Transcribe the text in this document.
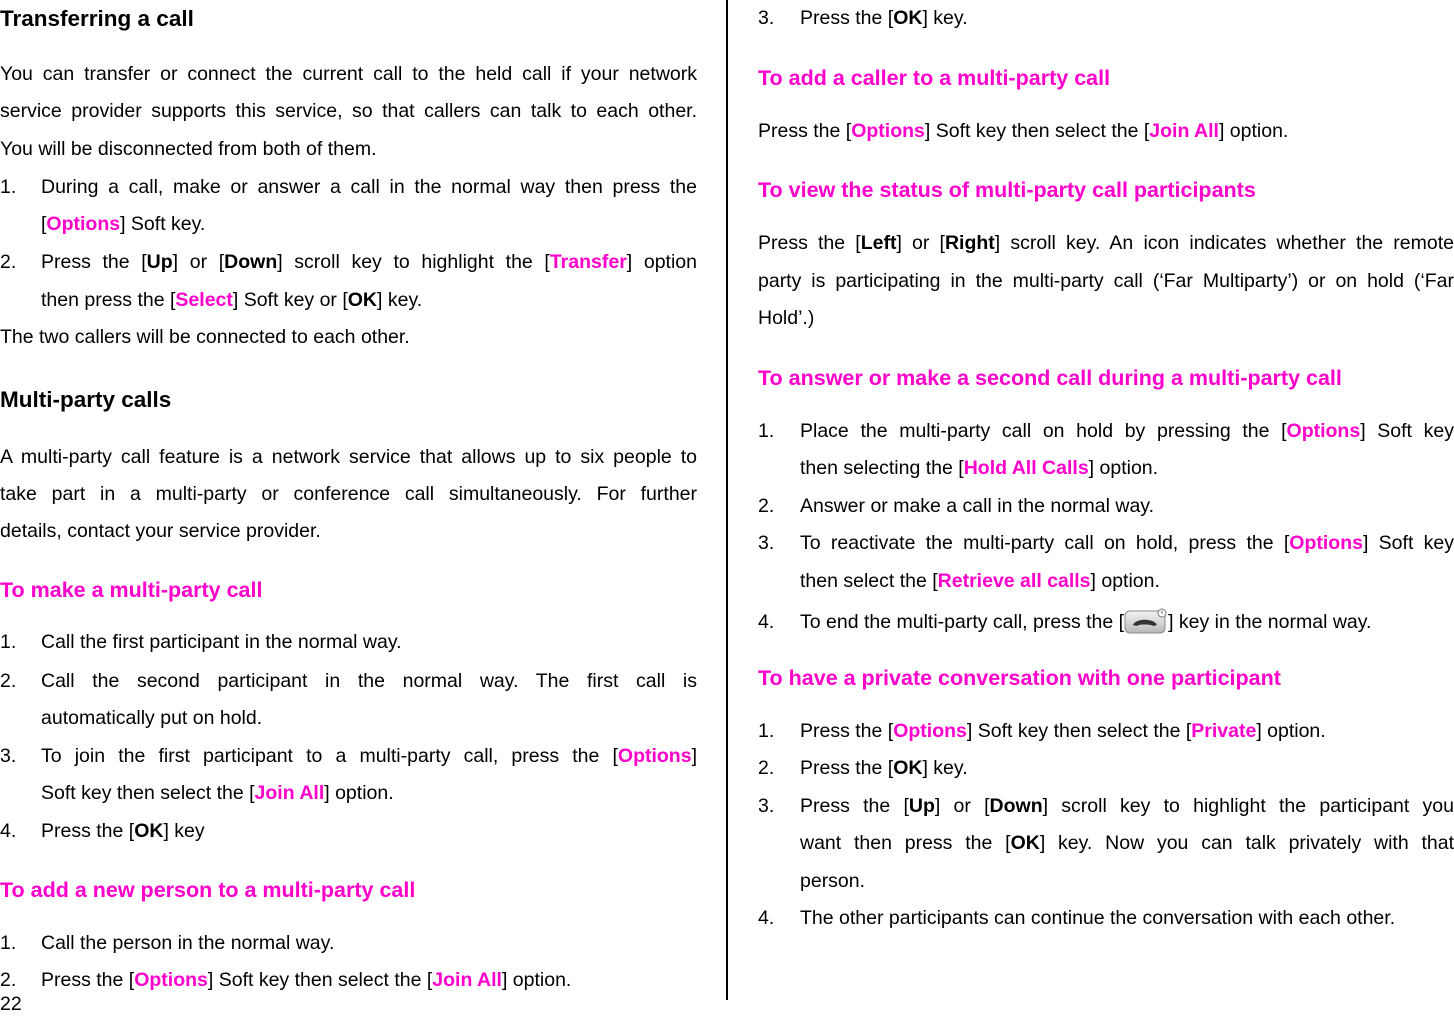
Transferring a call
You can transfer or connect the current call to the held call if your network
service provider supports this service, so that callers can talk to each other.
You will be disconnected from both of them.
1. During a call, make or answer a call in the normal way then press the
[Options] Soft key.
2. Press the [Up] or [Down] scroll key to highlight the [Transfer] option
then press the [Select] Soft key or [OK] key.
The two callers will be connected to each other.
Multi-party calls
A multi-party call feature is a network service that allows up to six people to
take part in a multi-party or conference call simultaneously. For further
details, contact your service provider.
To make a multi-party call
1. Call the first participant in the normal way.
2. Call the second participant in the normal way. The first call is
automatically put on hold.
3. To join the first participant to a multi-party call, press the [Options]
Soft key then select the [Join All] option.
4. Press the [OK] key
To add a new person to a multi-party call
1. Call the person in the normal way.
2. Press the [Options] Soft key then select the [Join All] option.
22
3. Press the [OK] key.
To add a caller to a multi-party call
Press the [Options] Soft key then select the [Join All] option.
To view the status of multi-party call participants
Press the [Left] or [Right] scroll key. An icon indicates whether the remote
party is participating in the multi-party call (‘Far Multiparty’) or on hold (‘Far
Hold’.)
To answer or make a second call during a multi-party call
1. Place the multi-party call on hold by pressing the [Options] Soft key
then selecting the [Hold All Calls] option.
2. Answer or make a call in the normal way.
3. To reactivate the multi-party call on hold, press the [Options] Soft key
then select the [Retrieve all calls] option.
4. To end the multi-party call, press the [ ] key in the normal way.
To have a private conversation with one participant
1. Press the [Options] Soft key then select the [Private] option.
2. Press the [OK] key.
3. Press the [Up] or [Down] scroll key to highlight the participant you
want then press the [OK] key. Now you can talk privately with that
person.
4. The other participants can continue the conversation with each other.
